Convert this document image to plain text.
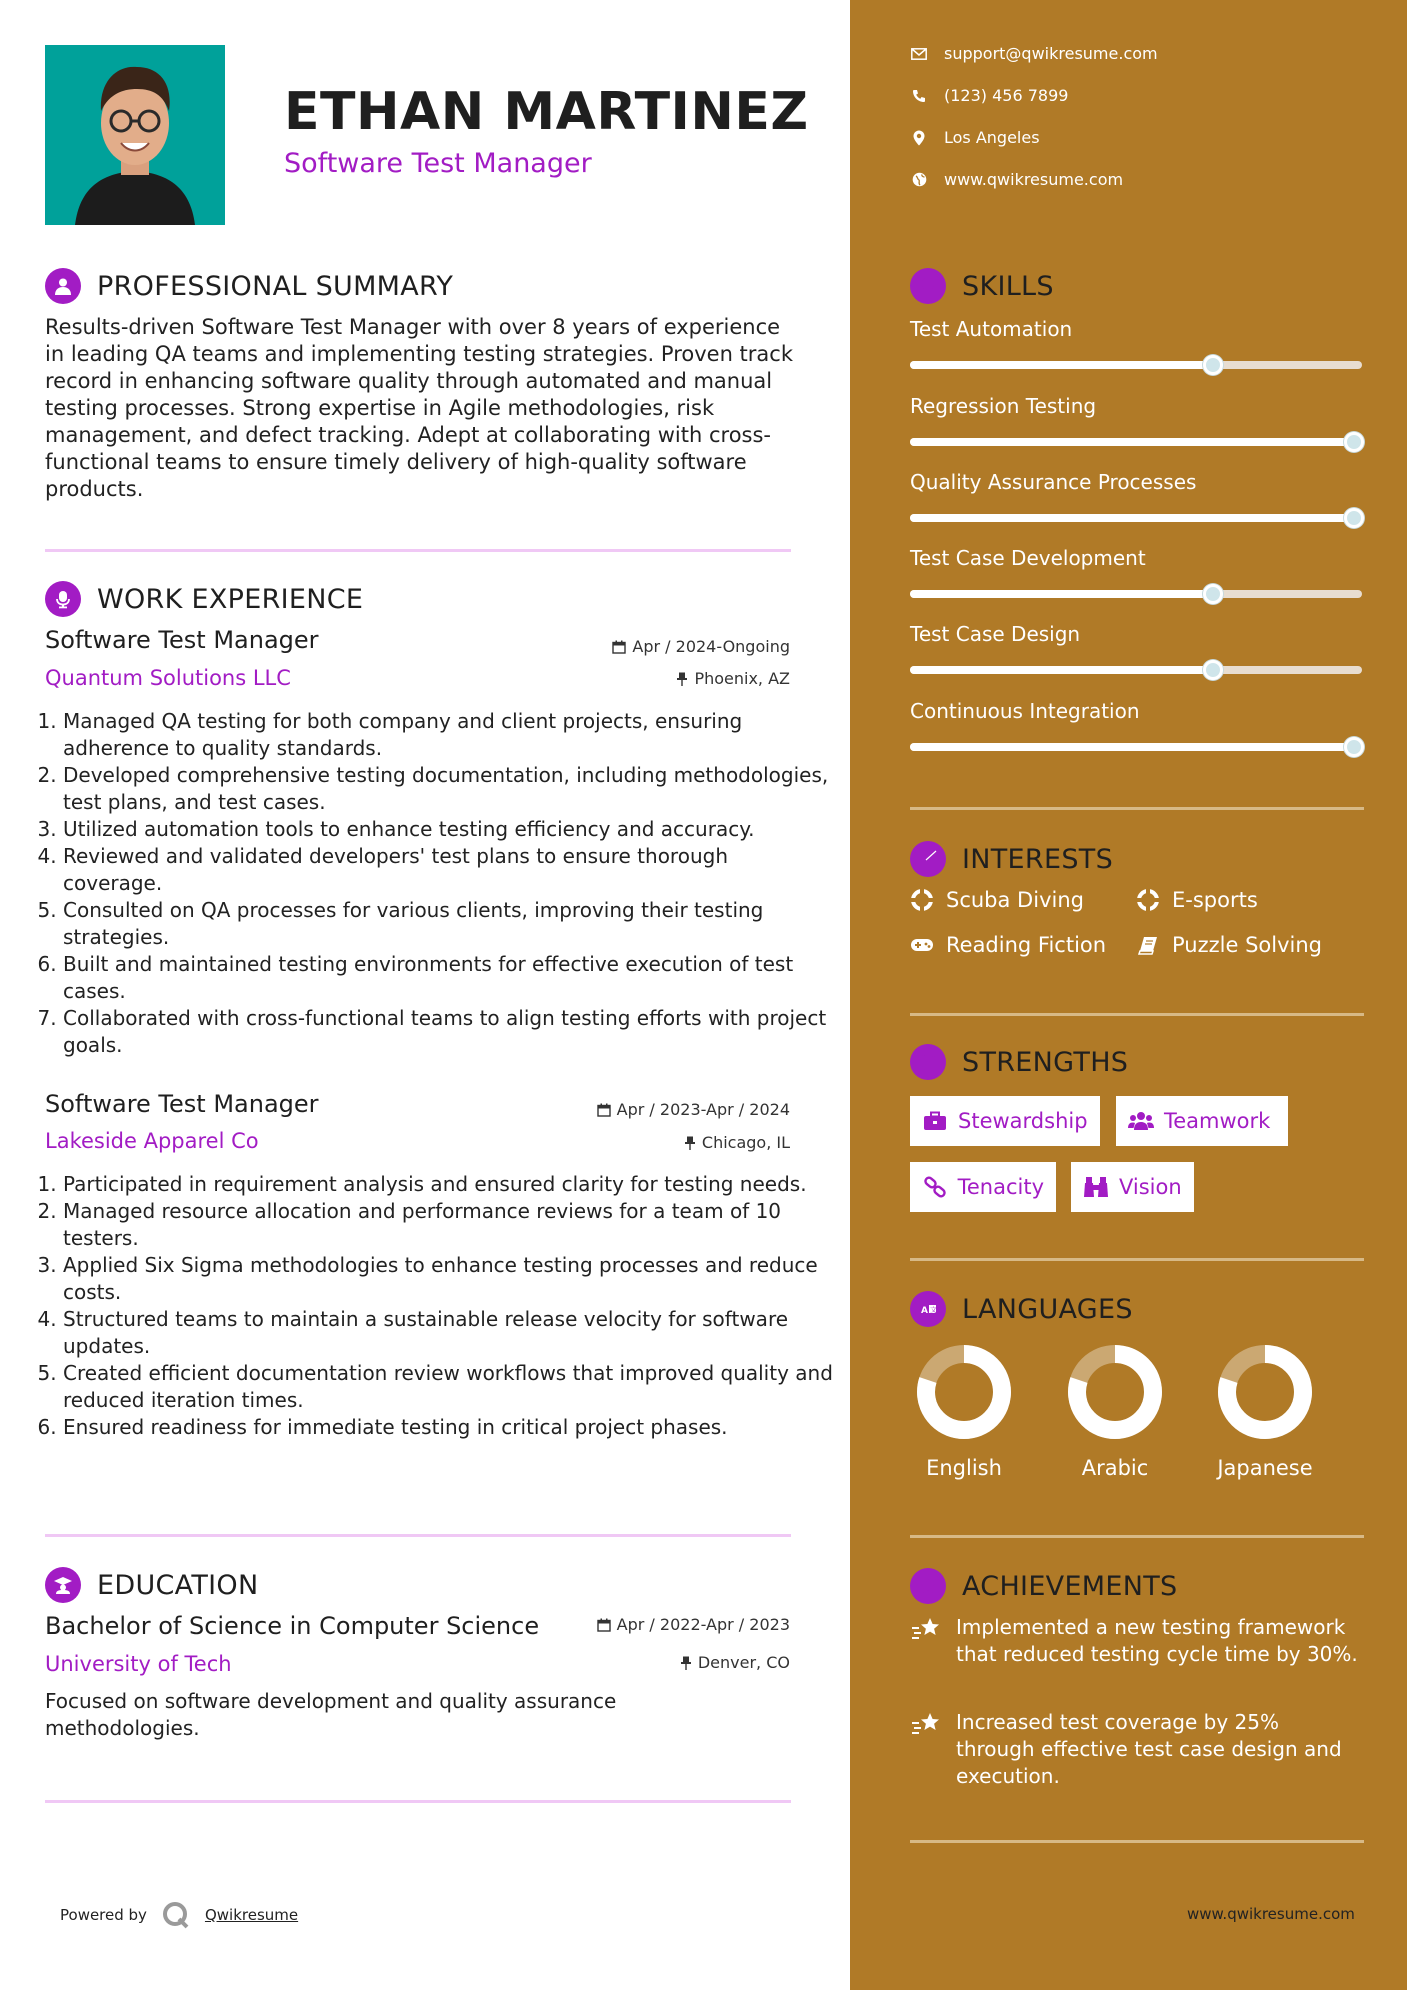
ETHAN MARTINEZ
Software Test Manager
PROFESSIONAL SUMMARY
Results-driven Software Test Manager with over 8 years of experience in leading QA teams and implementing testing strategies. Proven track record in enhancing software quality through automated and manual testing processes. Strong expertise in Agile methodologies, risk management, and defect tracking. Adept at collaborating with cross-functional teams to ensure timely delivery of high-quality software products.
WORK EXPERIENCE
Software Test Manager
Quantum Solutions LLC
Apr / 2024-Ongoing
Phoenix, AZ
1. Managed QA testing for both company and client projects, ensuring adherence to quality standards.
2. Developed comprehensive testing documentation, including methodologies, test plans, and test cases.
3. Utilized automation tools to enhance testing efficiency and accuracy.
4. Reviewed and validated developers' test plans to ensure thorough coverage.
5. Consulted on QA processes for various clients, improving their testing strategies.
6. Built and maintained testing environments for effective execution of test cases.
7. Collaborated with cross-functional teams to align testing efforts with project goals.
Software Test Manager
Lakeside Apparel Co
Apr / 2023-Apr / 2024
Chicago, IL
1. Participated in requirement analysis and ensured clarity for testing needs.
2. Managed resource allocation and performance reviews for a team of 10 testers.
3. Applied Six Sigma methodologies to enhance testing processes and reduce costs.
4. Structured teams to maintain a sustainable release velocity for software updates.
5. Created efficient documentation review workflows that improved quality and reduced iteration times.
6. Ensured readiness for immediate testing in critical project phases.
EDUCATION
Bachelor of Science in Computer Science
University of Tech
Apr / 2022-Apr / 2023
Denver, CO
Focused on software development and quality assurance methodologies.
Powered by	Qwikresume
support@qwikresume.com
(123) 456 7899
Los Angeles
www.qwikresume.com
SKILLS
Test Automation
Regression Testing
Quality Assurance Processes
Test Case Development
Test Case Design
Continuous Integration
INTERESTS
Scuba Diving	E-sports
Reading Fiction	Puzzle Solving
STRENGTHS
Stewardship	Teamwork
Tenacity	Vision
A 文 LANGUAGES
English	Arabic	Japanese
ACHIEVEMENTS
Implemented a new testing framework that reduced testing cycle time by 30%.
Increased test coverage by 25% through effective test case design and execution.
www.qwikresume.com
